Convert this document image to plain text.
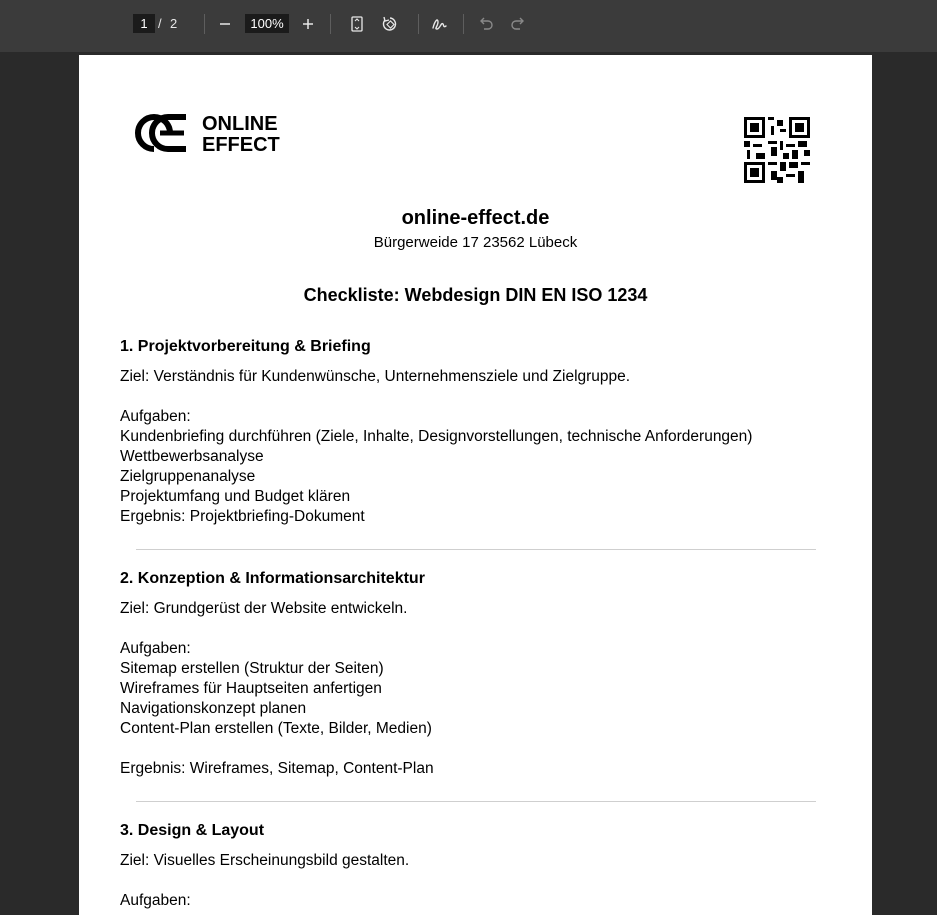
1 / 2	100%
ONLINE
EFFECT
online-effect.de
Bürgerweide 17 23562 Lübeck
Checkliste: Webdesign DIN EN ISO 1234
1. Projektvorbereitung & Briefing
Ziel: Verständnis für Kundenwünsche, Unternehmensziele und Zielgruppe.
Aufgaben:
Kundenbriefing durchführen (Ziele, Inhalte, Designvorstellungen, technische Anforderungen)
Wettbewerbsanalyse
Zielgruppenanalyse
Projektumfang und Budget klären
Ergebnis: Projektbriefing-Dokument
2. Konzeption & Informationsarchitektur
Ziel: Grundgerüst der Website entwickeln.
Aufgaben:
Sitemap erstellen (Struktur der Seiten)
Wireframes für Hauptseiten anfertigen
Navigationskonzept planen
Content-Plan erstellen (Texte, Bilder, Medien)
Ergebnis: Wireframes, Sitemap, Content-Plan
3. Design & Layout
Ziel: Visuelles Erscheinungsbild gestalten.
Aufgaben:
